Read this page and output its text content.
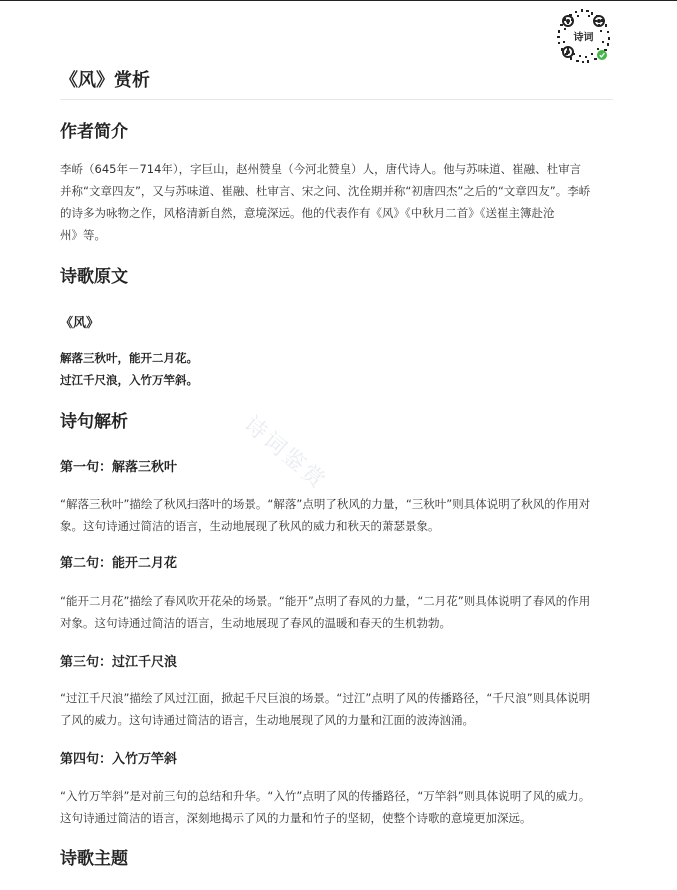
诗词
诗词鉴赏
《风》赏析
作者简介
李峤（645年－714年），字巨山，赵州赞皇（今河北赞皇）人，唐代诗人。他与苏味道、崔融、杜审言
并称“文章四友”，又与苏味道、崔融、杜审言、宋之问、沈佺期并称“初唐四杰”之后的“文章四友”。李峤
的诗多为咏物之作，风格清新自然，意境深远。他的代表作有《风》《中秋月二首》《送崔主簿赴沧
州》等。
诗歌原文
《风》
解落三秋叶，能开二月花。
过江千尺浪，入竹万竿斜。
诗句解析
第一句：解落三秋叶
“解落三秋叶”描绘了秋风扫落叶的场景。“解落”点明了秋风的力量，“三秋叶”则具体说明了秋风的作用对
象。这句诗通过简洁的语言，生动地展现了秋风的威力和秋天的萧瑟景象。
第二句：能开二月花
“能开二月花”描绘了春风吹开花朵的场景。“能开”点明了春风的力量，“二月花”则具体说明了春风的作用
对象。这句诗通过简洁的语言，生动地展现了春风的温暖和春天的生机勃勃。
第三句：过江千尺浪
“过江千尺浪”描绘了风过江面，掀起千尺巨浪的场景。“过江”点明了风的传播路径，“千尺浪”则具体说明
了风的威力。这句诗通过简洁的语言，生动地展现了风的力量和江面的波涛汹涌。
第四句：入竹万竿斜
“入竹万竿斜”是对前三句的总结和升华。“入竹”点明了风的传播路径，“万竿斜”则具体说明了风的威力。
这句诗通过简洁的语言，深刻地揭示了风的力量和竹子的坚韧，使整个诗歌的意境更加深远。
诗歌主题
